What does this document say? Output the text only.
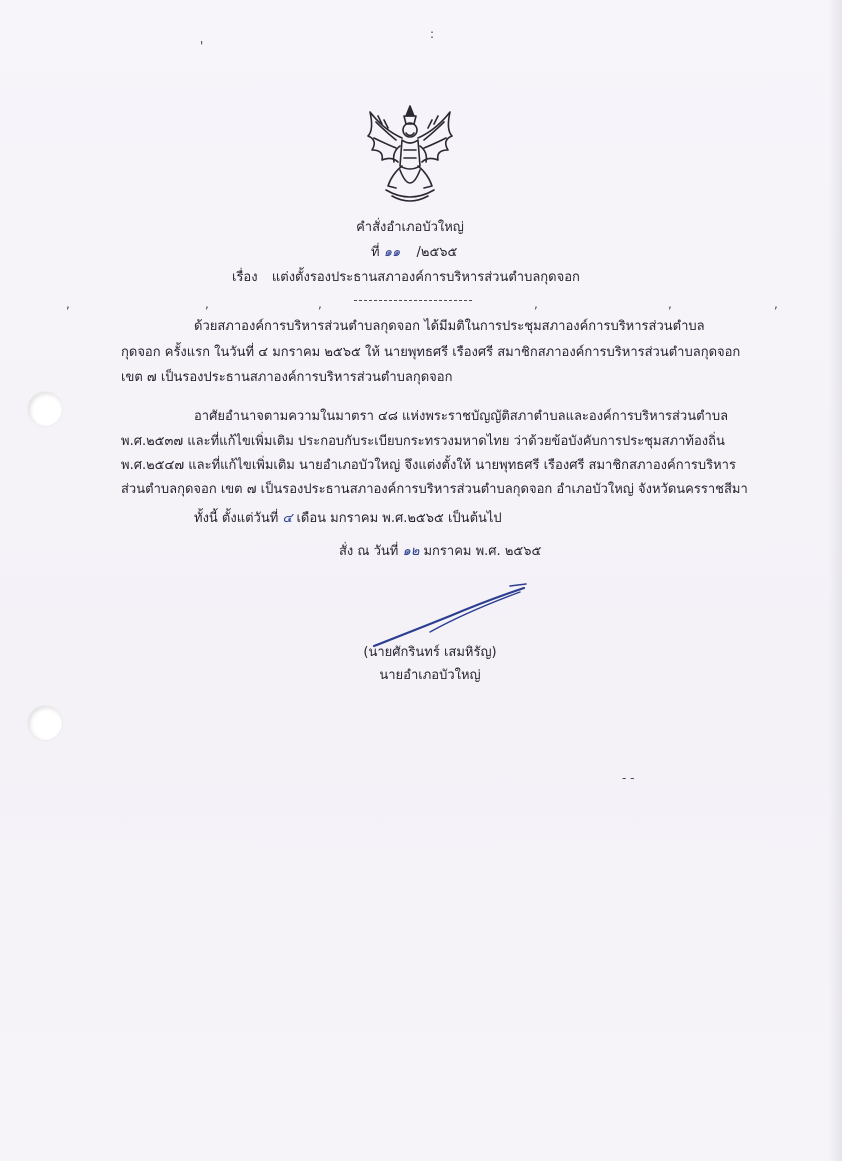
,	,	,	,	,	,
'
:
- -
คำสั่งอำเภอบัวใหญ่
ที่ ๑๑ /๒๕๖๕
เรื่อง แต่งตั้งรองประธานสภาองค์การบริหารส่วนตำบลกุดจอก
ด้วยสภาองค์การบริหารส่วนตำบลกุดจอก ได้มีมติในการประชุมสภาองค์การบริหารส่วนตำบล
กุดจอก ครั้งแรก ในวันที่ ๔ มกราคม ๒๕๖๕ ให้ นายพุทธศรี เรืองศรี สมาชิกสภาองค์การบริหารส่วนตำบลกุดจอก
เขต ๗ เป็นรองประธานสภาองค์การบริหารส่วนตำบลกุดจอก
อาศัยอำนาจตามความในมาตรา ๔๘ แห่งพระราชบัญญัติสภาตำบลและองค์การบริหารส่วนตำบล
พ.ศ.๒๕๓๗ และที่แก้ไขเพิ่มเติม ประกอบกับระเบียบกระทรวงมหาดไทย ว่าด้วยข้อบังคับการประชุมสภาท้องถิ่น
พ.ศ.๒๕๔๗ และที่แก้ไขเพิ่มเติม นายอำเภอบัวใหญ่ จึงแต่งตั้งให้ นายพุทธศรี เรืองศรี สมาชิกสภาองค์การบริหาร
ส่วนตำบลกุดจอก เขต ๗ เป็นรองประธานสภาองค์การบริหารส่วนตำบลกุดจอก อำเภอบัวใหญ่ จังหวัดนครราชสีมา
ทั้งนี้ ตั้งแต่วันที่ ๔ เดือน มกราคม พ.ศ.๒๕๖๕ เป็นต้นไป
สั่ง ณ วันที่ ๑๒ มกราคม พ.ศ. ๒๕๖๕
(นายศักรินทร์ เสมหิรัญ)
นายอำเภอบัวใหญ่
